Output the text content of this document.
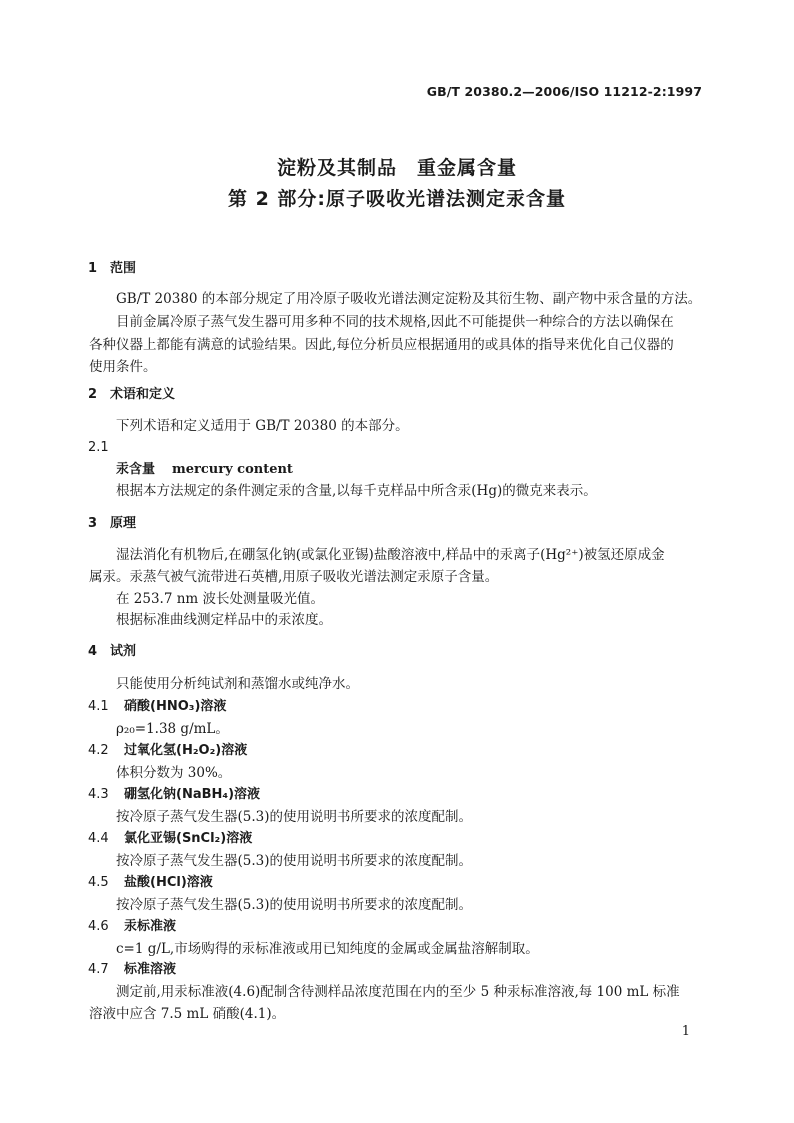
GB/T 20380.2—2006/ISO 11212-2:1997
淀粉及其制品　重金属含量
第 2 部分:原子吸收光谱法测定汞含量
1 范围
GB/T 20380 的本部分规定了用冷原子吸收光谱法测定淀粉及其衍生物、副产物中汞含量的方法。
目前金属冷原子蒸气发生器可用多种不同的技术规格,因此不可能提供一种综合的方法以确保在
各种仪器上都能有满意的试验结果。因此,每位分析员应根据通用的或具体的指导来优化自己仪器的
使用条件。
2 术语和定义
下列术语和定义适用于 GB/T 20380 的本部分。
2.1
汞含量 mercury content
根据本方法规定的条件测定汞的含量,以每千克样品中所含汞(Hg)的微克来表示。
3 原理
湿法消化有机物后,在硼氢化钠(或氯化亚锡)盐酸溶液中,样品中的汞离子(Hg²⁺)被氢还原成金
属汞。汞蒸气被气流带进石英槽,用原子吸收光谱法测定汞原子含量。
在 253.7 nm 波长处测量吸光值。
根据标准曲线测定样品中的汞浓度。
4 试剂
只能使用分析纯试剂和蒸馏水或纯净水。
4.1 硝酸(HNO₃)溶液
ρ₂₀=1.38 g/mL。
4.2 过氧化氢(H₂O₂)溶液
体积分数为 30%。
4.3 硼氢化钠(NaBH₄)溶液
按冷原子蒸气发生器(5.3)的使用说明书所要求的浓度配制。
4.4 氯化亚锡(SnCl₂)溶液
按冷原子蒸气发生器(5.3)的使用说明书所要求的浓度配制。
4.5 盐酸(HCl)溶液
按冷原子蒸气发生器(5.3)的使用说明书所要求的浓度配制。
4.6 汞标准液
c=1 g/L,市场购得的汞标准液或用已知纯度的金属或金属盐溶解制取。
4.7 标准溶液
测定前,用汞标准液(4.6)配制含待测样品浓度范围在内的至少 5 种汞标准溶液,每 100 mL 标准
溶液中应含 7.5 mL 硝酸(4.1)。
1
